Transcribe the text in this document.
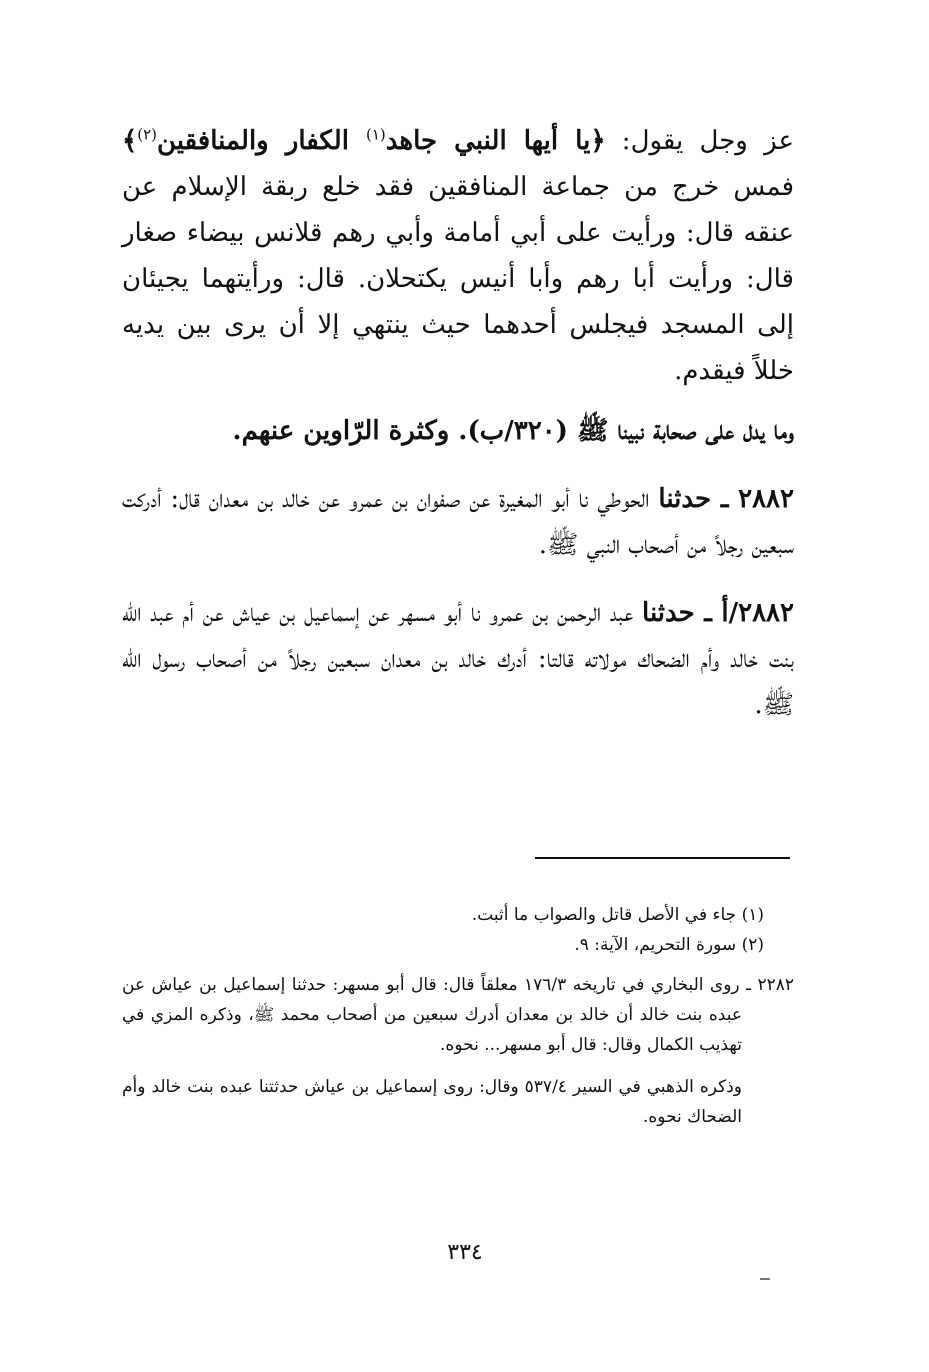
عز وجل يقول: ﴿يا أيها النبي جاهد$^{(١)}$ الكفار والمنافقين$^{(٢)}$﴾ فمس خرج من جماعة المنافقين فقد خلع ربقة الإسلام عن عنقه قال: ورأيت على أبي أمامة وأبي رهم قلانس بيضاء صغار قال: ورأيت أبا رهم وأبا أنيس يكتحلان. قال: ورأيتهما يجيئان إلى المسجد فيجلس أحدهما حيث ينتهي إلا أن يرى بين يديه خللاً فيقدم.

وما يدل على صحابة نبينا ﷺ (٣٢٠/ب). وكثرة الرّاوين عنهم.

٢٨٨٢ ـ حدثنا الحوطي نا أبو المغيرة عن صفوان بن عمرو عن خالد بن معدان قال: أدركت سبعين رجلاً من أصحاب النبي ﷺ.

٢٨٨٢/أ ـ حدثنا عبد الرحمن بن عمرو نا أبو مسهر عن إسماعيل بن عياش عن أم عبد الله بنت خالد وأم الضحاك مولاته قالتا: أدرك خالد بن معدان سبعين رجلاً من أصحاب رسول الله ﷺ.

(١) جاء في الأصل قاتل والصواب ما أثبت.

(٢) سورة التحريم، الآية: ٩.

٢٢٨٢ ـ روى البخاري في تاريخه ١٧٦/٣ معلقاً قال: قال أبو مسهر: حدثنا إسماعيل بن عياش عن عبده بنت خالد أن خالد بن معدان أدرك سبعين من أصحاب محمد ﷺ، وذكره المزي في تهذيب الكمال وقال: قال أبو مسهر... نحوه.

وذكره الذهبي في السير ٥٣٧/٤ وقال: روى إسماعيل بن عياش حدثتنا عبده بنت خالد وأم الضحاك نحوه.

٣٣٤
